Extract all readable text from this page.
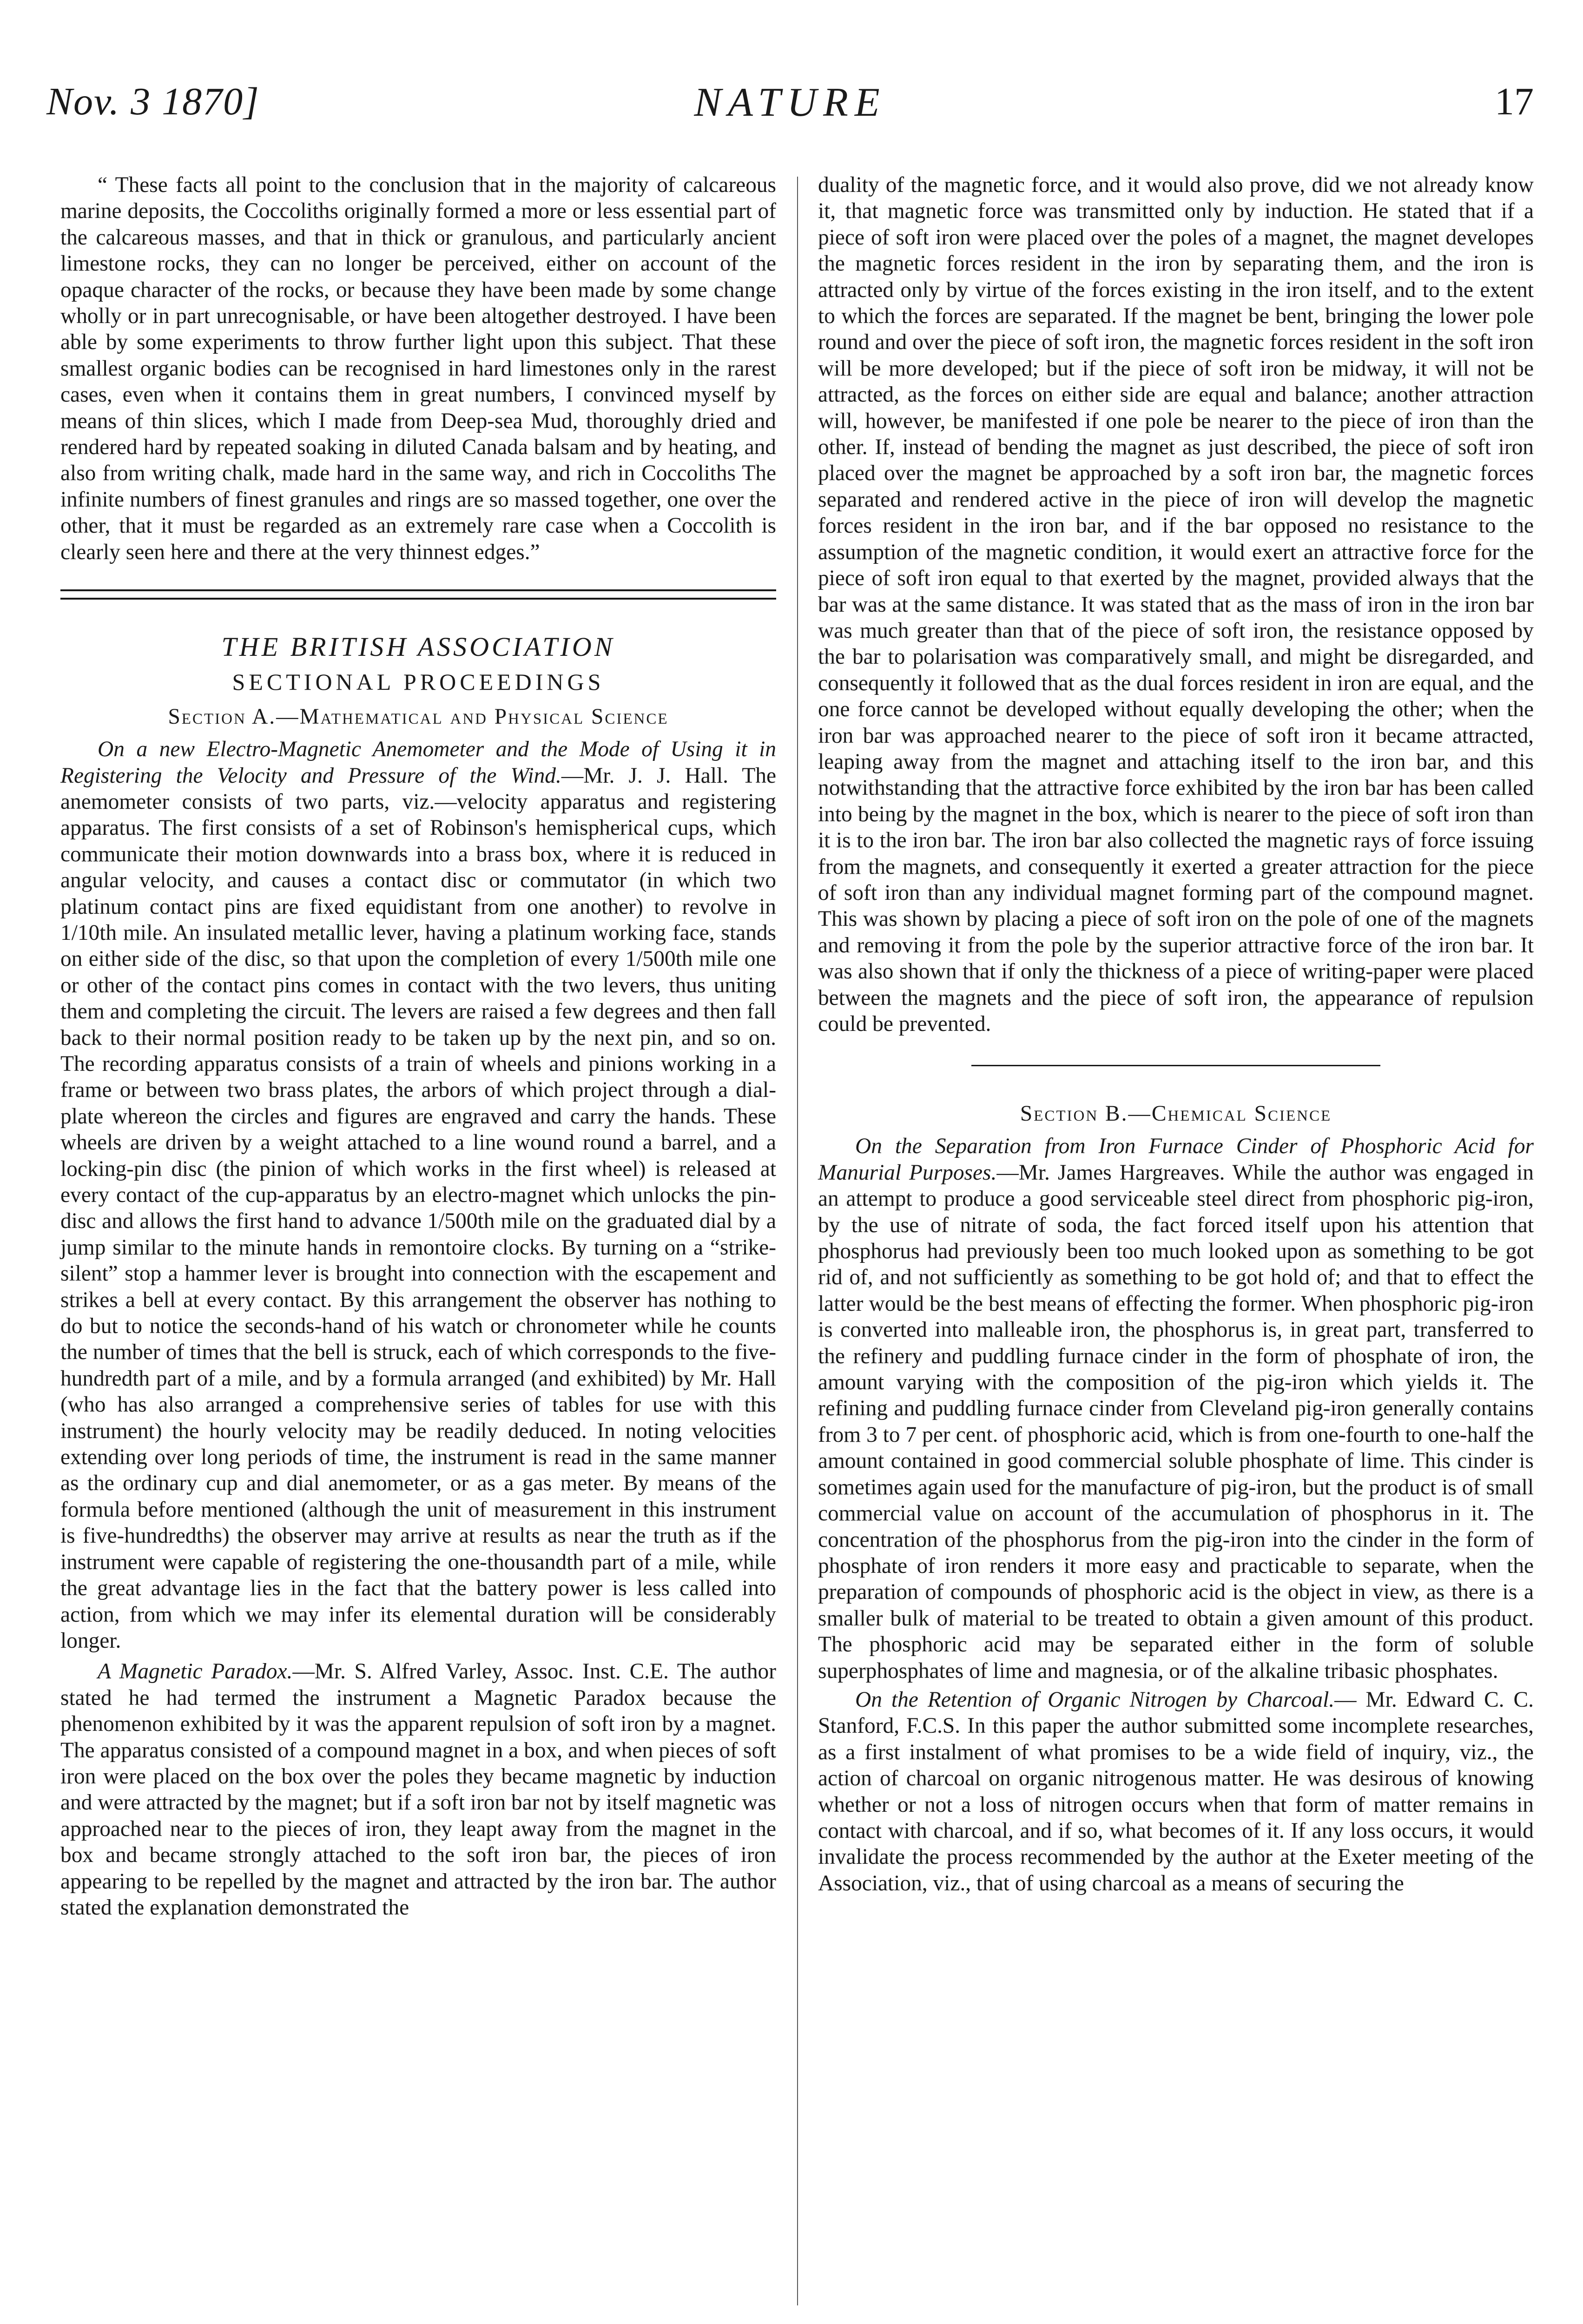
Nov. 3 1870]	NATURE	17

“ These facts all point to the conclusion that in the majority of calcareous marine deposits, the Coccoliths originally formed a more or less essential part of the calcareous masses, and that in thick or granulous, and particularly ancient limestone rocks, they can no longer be perceived, either on account of the opaque character of the rocks, or because they have been made by some change wholly or in part unrecognisable, or have been altogether destroyed. I have been able by some experiments to throw further light upon this subject. That these smallest organic bodies can be recognised in hard limestones only in the rarest cases, even when it contains them in great numbers, I convinced myself by means of thin slices, which I made from Deep-sea Mud, thoroughly dried and rendered hard by repeated soaking in diluted Canada balsam and by heating, and also from writing chalk, made hard in the same way, and rich in Coccoliths The infinite numbers of finest granules and rings are so massed together, one over the other, that it must be regarded as an extremely rare case when a Coccolith is clearly seen here and there at the very thinnest edges.”

THE BRITISH ASSOCIATION
SECTIONAL PROCEEDINGS
Section A.—Mathematical and Physical Science

On a new Electro-Magnetic Anemometer and the Mode of Using it in Registering the Velocity and Pressure of the Wind.—Mr. J. J. Hall. The anemometer consists of two parts, viz.—velocity apparatus and registering apparatus. The first consists of a set of Robinson's hemispherical cups, which communicate their motion downwards into a brass box, where it is reduced in angular velocity, and causes a contact disc or commutator (in which two platinum contact pins are fixed equidistant from one another) to revolve in 1/10th mile. An insulated metallic lever, having a platinum working face, stands on either side of the disc, so that upon the completion of every 1/500th mile one or other of the contact pins comes in contact with the two levers, thus uniting them and completing the circuit. The levers are raised a few degrees and then fall back to their normal position ready to be taken up by the next pin, and so on. The recording apparatus consists of a train of wheels and pinions working in a frame or between two brass plates, the arbors of which project through a dial-plate whereon the circles and figures are engraved and carry the hands. These wheels are driven by a weight attached to a line wound round a barrel, and a locking-pin disc (the pinion of which works in the first wheel) is released at every contact of the cup-apparatus by an electro-magnet which unlocks the pin-disc and allows the first hand to advance 1/500th mile on the graduated dial by a jump similar to the minute hands in remontoire clocks. By turning on a “strike-silent” stop a hammer lever is brought into connection with the escapement and strikes a bell at every contact. By this arrangement the observer has nothing to do but to notice the seconds-hand of his watch or chronometer while he counts the number of times that the bell is struck, each of which corresponds to the five-hundredth part of a mile, and by a formula arranged (and exhibited) by Mr. Hall (who has also arranged a comprehensive series of tables for use with this instrument) the hourly velocity may be readily deduced. In noting velocities extending over long periods of time, the instrument is read in the same manner as the ordinary cup and dial anemometer, or as a gas meter. By means of the formula before mentioned (although the unit of measurement in this instrument is five-hundredths) the observer may arrive at results as near the truth as if the instrument were capable of registering the one-thousandth part of a mile, while the great advantage lies in the fact that the battery power is less called into action, from which we may infer its elemental duration will be considerably longer.

A Magnetic Paradox.—Mr. S. Alfred Varley, Assoc. Inst. C.E. The author stated he had termed the instrument a Magnetic Paradox because the phenomenon exhibited by it was the apparent repulsion of soft iron by a magnet. The apparatus consisted of a compound magnet in a box, and when pieces of soft iron were placed on the box over the poles they became magnetic by induction and were attracted by the magnet; but if a soft iron bar not by itself magnetic was approached near to the pieces of iron, they leapt away from the magnet in the box and became strongly attached to the soft iron bar, the pieces of iron appearing to be repelled by the magnet and attracted by the iron bar. The author stated the explanation demonstrated the

duality of the magnetic force, and it would also prove, did we not already know it, that magnetic force was transmitted only by induction. He stated that if a piece of soft iron were placed over the poles of a magnet, the magnet developes the magnetic forces resident in the iron by separating them, and the iron is attracted only by virtue of the forces existing in the iron itself, and to the extent to which the forces are separated. If the magnet be bent, bringing the lower pole round and over the piece of soft iron, the magnetic forces resident in the soft iron will be more developed; but if the piece of soft iron be midway, it will not be attracted, as the forces on either side are equal and balance; another attraction will, however, be manifested if one pole be nearer to the piece of iron than the other. If, instead of bending the magnet as just described, the piece of soft iron placed over the magnet be approached by a soft iron bar, the magnetic forces separated and rendered active in the piece of iron will develop the magnetic forces resident in the iron bar, and if the bar opposed no resistance to the assumption of the magnetic condition, it would exert an attractive force for the piece of soft iron equal to that exerted by the magnet, provided always that the bar was at the same distance. It was stated that as the mass of iron in the iron bar was much greater than that of the piece of soft iron, the resistance opposed by the bar to polarisation was comparatively small, and might be disregarded, and consequently it followed that as the dual forces resident in iron are equal, and the one force cannot be developed without equally developing the other; when the iron bar was approached nearer to the piece of soft iron it became attracted, leaping away from the magnet and attaching itself to the iron bar, and this notwithstanding that the attractive force exhibited by the iron bar has been called into being by the magnet in the box, which is nearer to the piece of soft iron than it is to the iron bar. The iron bar also collected the magnetic rays of force issuing from the magnets, and consequently it exerted a greater attraction for the piece of soft iron than any individual magnet forming part of the compound magnet. This was shown by placing a piece of soft iron on the pole of one of the magnets and removing it from the pole by the superior attractive force of the iron bar. It was also shown that if only the thickness of a piece of writing-paper were placed between the magnets and the piece of soft iron, the appearance of repulsion could be prevented.

Section B.—Chemical Science

On the Separation from Iron Furnace Cinder of Phosphoric Acid for Manurial Purposes.—Mr. James Hargreaves. While the author was engaged in an attempt to produce a good serviceable steel direct from phosphoric pig-iron, by the use of nitrate of soda, the fact forced itself upon his attention that phosphorus had previously been too much looked upon as something to be got rid of, and not sufficiently as something to be got hold of; and that to effect the latter would be the best means of effecting the former. When phosphoric pig-iron is converted into malleable iron, the phosphorus is, in great part, transferred to the refinery and puddling furnace cinder in the form of phosphate of iron, the amount varying with the composition of the pig-iron which yields it. The refining and puddling furnace cinder from Cleveland pig-iron generally contains from 3 to 7 per cent. of phosphoric acid, which is from one-fourth to one-half the amount contained in good commercial soluble phosphate of lime. This cinder is sometimes again used for the manufacture of pig-iron, but the product is of small commercial value on account of the accumulation of phosphorus in it. The concentration of the phosphorus from the pig-iron into the cinder in the form of phosphate of iron renders it more easy and practicable to separate, when the preparation of compounds of phosphoric acid is the object in view, as there is a smaller bulk of material to be treated to obtain a given amount of this product. The phosphoric acid may be separated either in the form of soluble superphosphates of lime and magnesia, or of the alkaline tribasic phosphates.

On the Retention of Organic Nitrogen by Charcoal.— Mr. Edward C. C. Stanford, F.C.S. In this paper the author submitted some incomplete researches, as a first instalment of what promises to be a wide field of inquiry, viz., the action of charcoal on organic nitrogenous matter. He was desirous of knowing whether or not a loss of nitrogen occurs when that form of matter remains in contact with charcoal, and if so, what becomes of it. If any loss occurs, it would invalidate the process recommended by the author at the Exeter meeting of the Association, viz., that of using charcoal as a means of securing the
